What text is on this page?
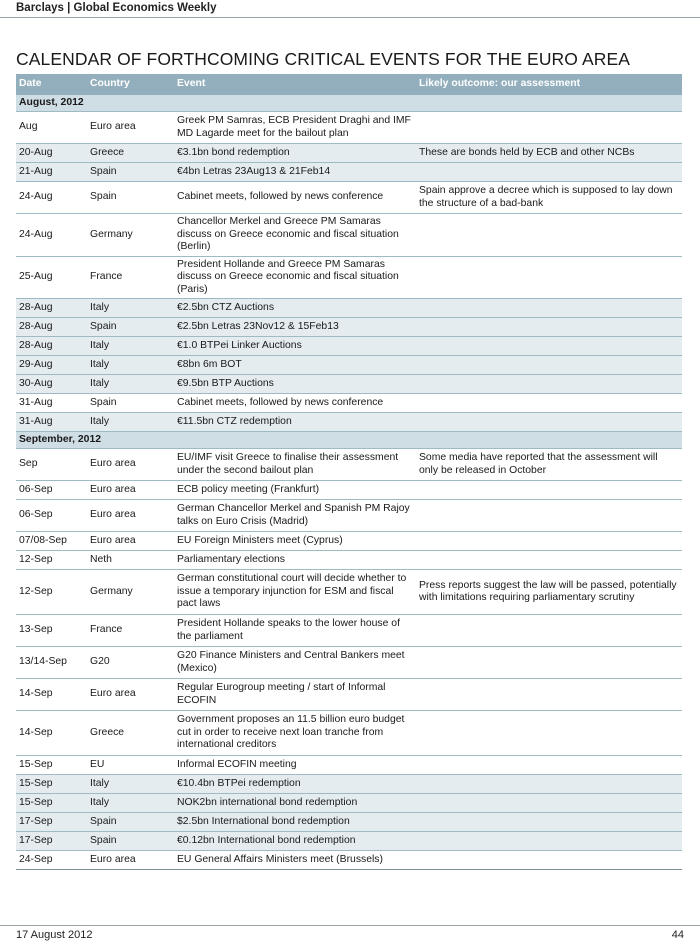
Barclays | Global Economics Weekly
CALENDAR OF FORTHCOMING CRITICAL EVENTS FOR THE EURO AREA
Date	Country	Event	Likely outcome: our assessment
August, 2012			
Aug	Euro area	Greek PM Samras, ECB President Draghi and IMF MD Lagarde meet for the bailout plan	
20-Aug	Greece	€3.1bn bond redemption	These are bonds held by ECB and other NCBs
21-Aug	Spain	€4bn Letras 23Aug13 & 21Feb14	
24-Aug	Spain	Cabinet meets, followed by news conference	Spain approve a decree which is supposed to lay down the structure of a bad-bank
24-Aug	Germany	Chancellor Merkel and Greece PM Samaras discuss on Greece economic and fiscal situation (Berlin)	
25-Aug	France	President Hollande and Greece PM Samaras discuss on Greece economic and fiscal situation (Paris)	
28-Aug	Italy	€2.5bn CTZ Auctions	
28-Aug	Spain	€2.5bn Letras 23Nov12 & 15Feb13	
28-Aug	Italy	€1.0 BTPei Linker Auctions	
29-Aug	Italy	€8bn 6m BOT	
30-Aug	Italy	€9.5bn BTP Auctions	
31-Aug	Spain	Cabinet meets, followed by news conference	
31-Aug	Italy	€11.5bn CTZ redemption	
September, 2012			
Sep	Euro area	EU/IMF visit Greece to finalise their assessment under the second bailout plan	Some media have reported that the assessment will only be released in October
06-Sep	Euro area	ECB policy meeting (Frankfurt)	
06-Sep	Euro area	German Chancellor Merkel and Spanish PM Rajoy talks on Euro Crisis (Madrid)	
07/08-Sep	Euro area	EU Foreign Ministers meet (Cyprus)	
12-Sep	Neth	Parliamentary elections	
12-Sep	Germany	German constitutional court will decide whether to issue a temporary injunction for ESM and fiscal pact laws	Press reports suggest the law will be passed, potentially with limitations requiring parliamentary scrutiny
13-Sep	France	President Hollande speaks to the lower house of the parliament	
13/14-Sep	G20	G20 Finance Ministers and Central Bankers meet (Mexico)	
14-Sep	Euro area	Regular Eurogroup meeting / start of Informal ECOFIN	
14-Sep	Greece	Government proposes an 11.5 billion euro budget cut in order to receive next loan tranche from international creditors	
15-Sep	EU	Informal ECOFIN meeting	
15-Sep	Italy	€10.4bn BTPei redemption	
15-Sep	Italy	NOK2bn international bond redemption	
17-Sep	Spain	$2.5bn International bond redemption	
17-Sep	Spain	€0.12bn International bond redemption	
24-Sep	Euro area	EU General Affairs Ministers meet (Brussels)	
17 August 2012	44
